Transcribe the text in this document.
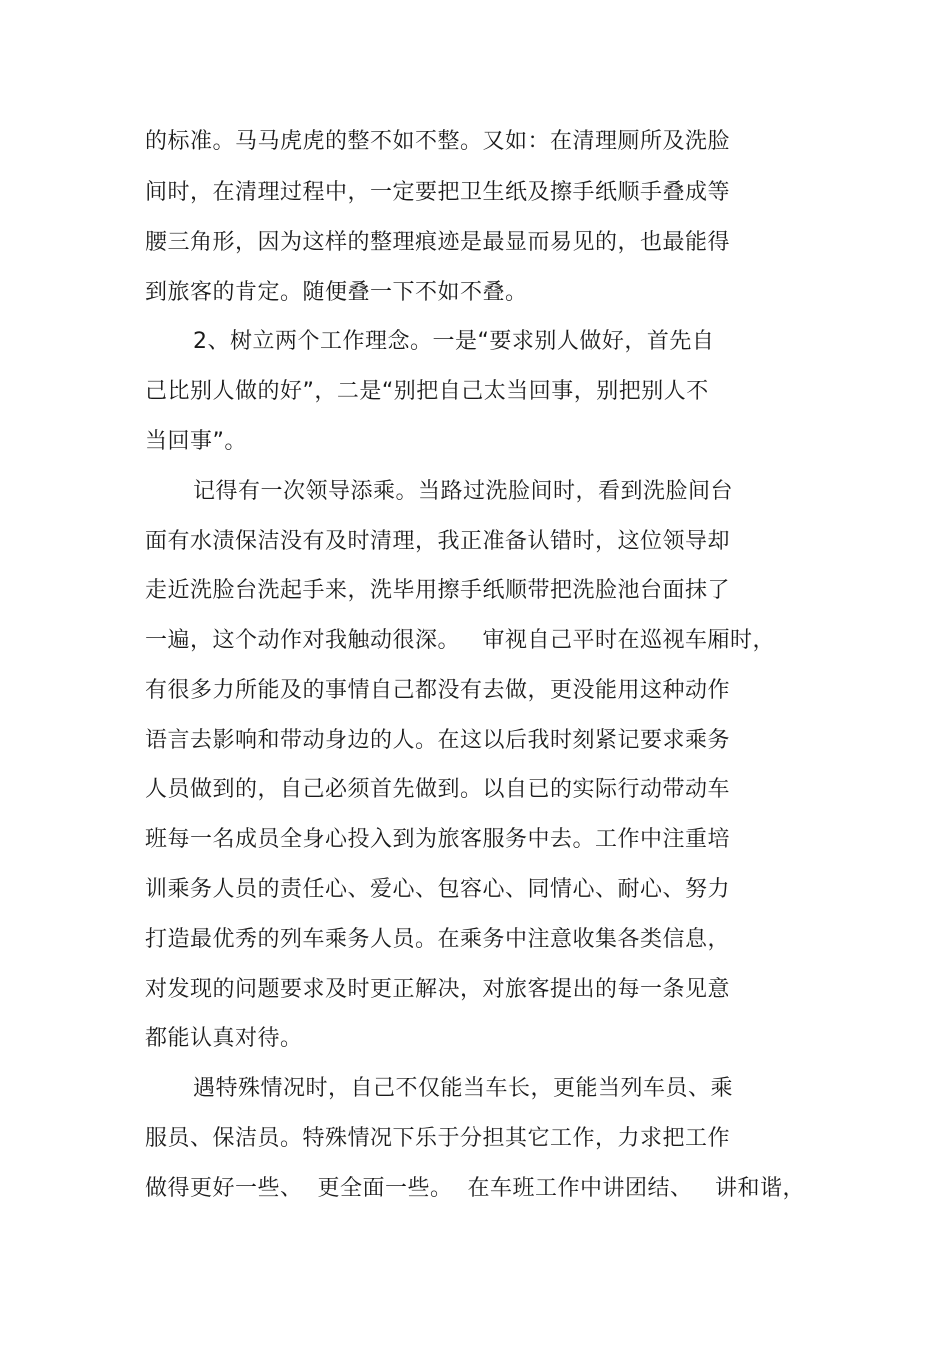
的标准。马马虎虎的整不如不整。又如：在清理厕所及洗脸
间时，在清理过程中，一定要把卫生纸及擦手纸顺手叠成等
腰三角形，因为这样的整理痕迹是最显而易见的，也最能得
到旅客的肯定。随便叠一下不如不叠。
2、树立两个工作理念。一是“要求别人做好，首先自
己比别人做的好”，二是“别把自己太当回事，别把别人不
当回事”。
记得有一次领导添乘。当路过洗脸间时，看到洗脸间台
面有水渍保洁没有及时清理，我正准备认错时，这位领导却
走近洗脸台洗起手来，洗毕用擦手纸顺带把洗脸池台面抹了
一遍，这个动作对我触动很深。   审视自己平时在巡视车厢时，
有很多力所能及的事情自己都没有去做，更没能用这种动作
语言去影响和带动身边的人。在这以后我时刻紧记要求乘务
人员做到的，自己必须首先做到。以自已的实际行动带动车
班每一名成员全身心投入到为旅客服务中去。工作中注重培
训乘务人员的责任心、爱心、包容心、同情心、耐心、努力
打造最优秀的列车乘务人员。在乘务中注意收集各类信息，
对发现的问题要求及时更正解决，对旅客提出的每一条见意
都能认真对待。
遇特殊情况时，自己不仅能当车长，更能当列车员、乘
服员、保洁员。特殊情况下乐于分担其它工作，力求把工作
做得更好一些、  更全面一些。  在车班工作中讲团结、   讲和谐，
